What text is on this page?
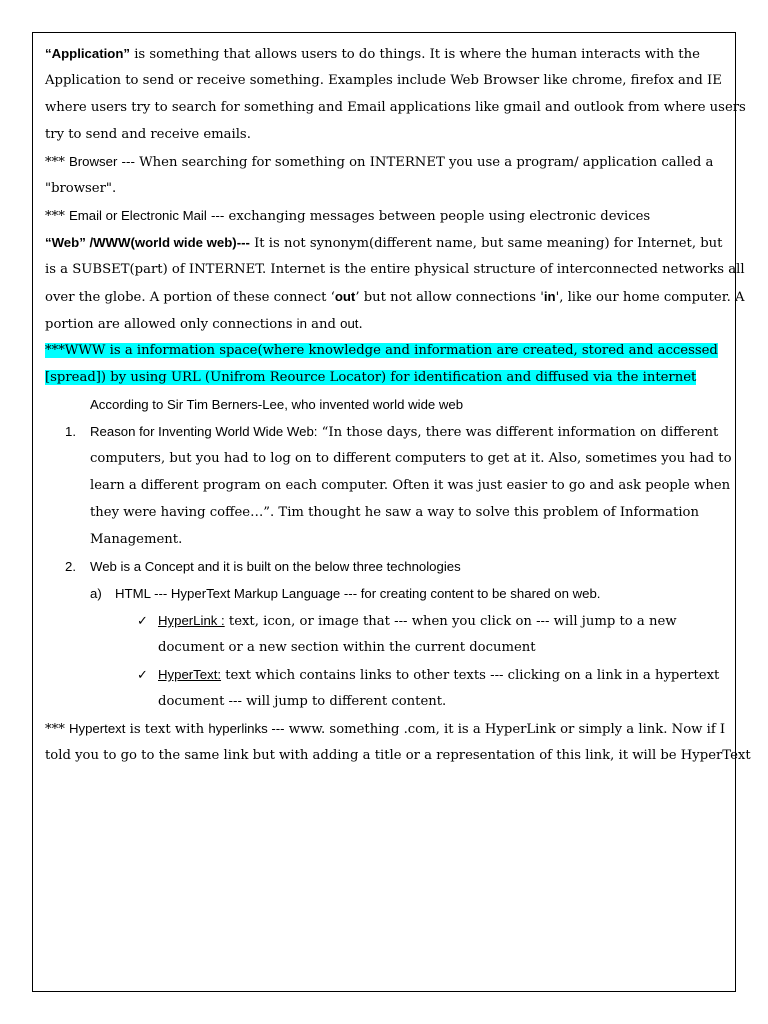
“Application” is something that allows users to do things. It is where the human interacts with the
Application to send or receive something. Examples include Web Browser like chrome, firefox and IE
where users try to search for something and Email applications like gmail and outlook from where users
try to send and receive emails.
*** Browser --- When searching for something on INTERNET you use a program/ application called a
"browser".
*** Email or Electronic Mail --- exchanging messages between people using electronic devices
“Web” /WWW(world wide web)--- It is not synonym(different name, but same meaning) for Internet, but
is a SUBSET(part) of INTERNET. Internet is the entire physical structure of interconnected networks all
over the globe. A portion of these connect ‘out’ but not allow connections 'in', like our home computer. A
portion are allowed only connections in and out.
***WWW is a information space(where knowledge and information are created, stored and accessed
[spread]) by using URL (Unifrom Reource Locator) for identification and diffused via the internet
According to Sir Tim Berners-Lee, who invented world wide web
1. Reason for Inventing World Wide Web: “In those days, there was different information on different
computers, but you had to log on to different computers to get at it. Also, sometimes you had to
learn a different program on each computer. Often it was just easier to go and ask people when
they were having coffee…”. Tim thought he saw a way to solve this problem of Information
Management.
2. Web is a Concept and it is built on the below three technologies
a) HTML --- HyperText Markup Language --- for creating content to be shared on web.
✓ HyperLink : text, icon, or image that --- when you click on --- will jump to a new
document or a new section within the current document
✓ HyperText: text which contains links to other texts --- clicking on a link in a hypertext
document --- will jump to different content.
*** Hypertext is text with hyperlinks --- www. something .com, it is a HyperLink or simply a link. Now if I
told you to go to the same link but with adding a title or a representation of this link, it will be HyperText
